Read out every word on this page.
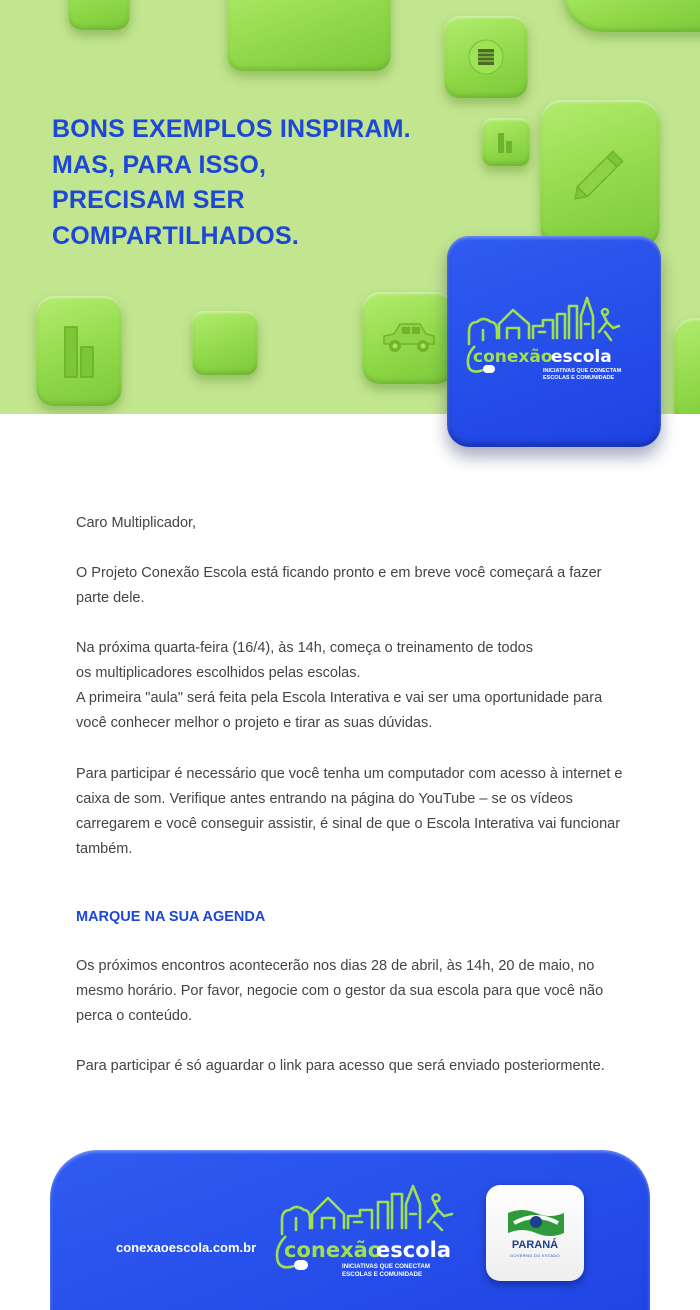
BONS EXEMPLOS INSPIRAM.
MAS, PARA ISSO,
PRECISAM SER
COMPARTILHADOS.
conexão
escola
INICIATIVAS QUE CONECTAM
ESCOLAS E COMUNIDADE
Caro Multiplicador,
O Projeto Conexão Escola está ficando pronto e em breve você começará a fazer parte dele.
Na próxima quarta-feira (16/4), às 14h, começa o treinamento de todos
os multiplicadores escolhidos pelas escolas.
A primeira "aula" será feita pela Escola Interativa e vai ser uma oportunidade para você conhecer melhor o projeto e tirar as suas dúvidas.
Para participar é necessário que você tenha um computador com acesso à internet e caixa de som. Verifique antes entrando na página do YouTube – se os vídeos carregarem e você conseguir assistir, é sinal de que o Escola Interativa vai funcionar também.
MARQUE NA SUA AGENDA
Os próximos encontros acontecerão nos dias 28 de abril, às 14h, 20 de maio, no mesmo horário. Por favor, negocie com o gestor da sua escola para que você não perca o conteúdo.
Para participar é só aguardar o link para acesso que será enviado posteriormente.
conexaoescola.com.br conexão
escola
INICIATIVAS QUE CONECTAM
ESCOLAS E COMUNIDADE
PARANÁ
GOVERNO DO ESTADO
